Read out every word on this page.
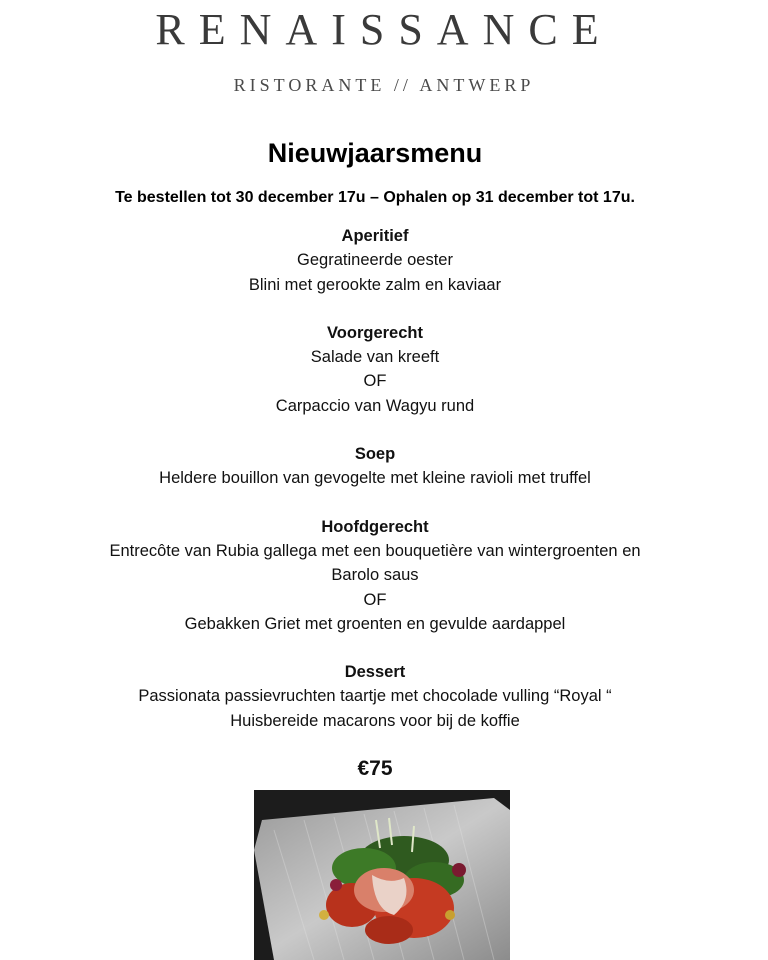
RENAISSANCE
RISTORANTE // ANTWERP
Nieuwjaarsmenu
Te bestellen tot 30 december 17u – Ophalen op 31 december tot 17u.
Aperitief
Gegratineerde oester
Blini met gerookte zalm en kaviaar
Voorgerecht
Salade van kreeft
OF
Carpaccio van Wagyu rund
Soep
Heldere bouillon van gevogelte met kleine ravioli met truffel
Hoofdgerecht
Entrecôte van Rubia gallega met een bouquetière van wintergroenten en
Barolo saus
OF
Gebakken Griet met groenten en gevulde aardappel
Dessert
Passionata passievruchten taartje met chocolade vulling “Royal “
Huisbereide macarons voor bij de koffie
€75
